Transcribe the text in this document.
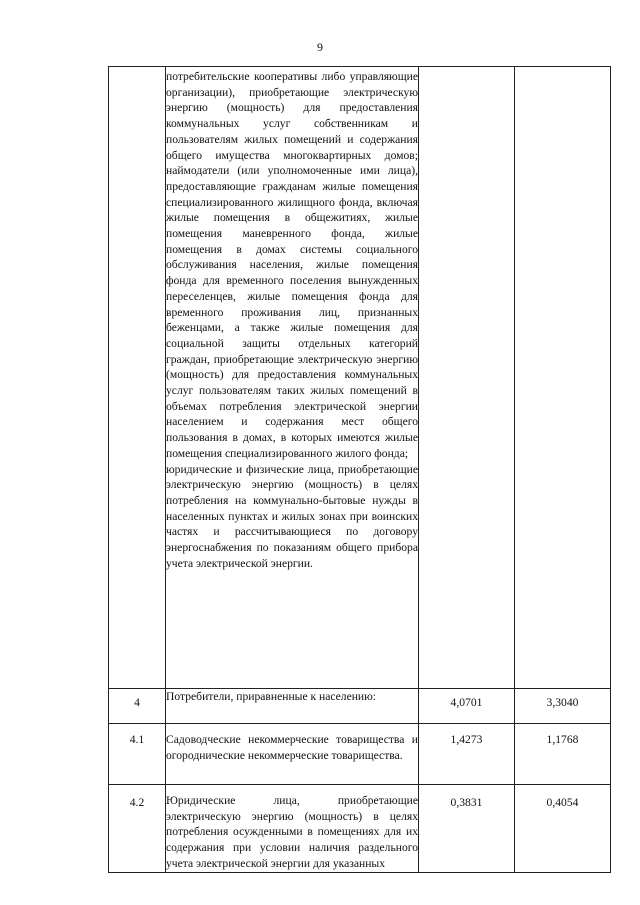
9

	потребительские кооперативы либо управляющие организации), приобретающие электрическую энергию (мощность) для предоставления коммунальных услуг собственникам и пользователям жилых помещений и содержания общего имущества многоквартирных домов; наймодатели (или уполномоченные ими лица), предоставляющие гражданам жилые помещения специализированного жилищного фонда, включая жилые помещения в общежитиях, жилые помещения маневренного фонда, жилые помещения в домах системы социального обслуживания населения, жилые помещения фонда для временного поселения вынужденных переселенцев, жилые помещения фонда для временного проживания лиц, признанных беженцами, а также жилые помещения для социальной защиты отдельных категорий граждан, приобретающие электрическую энергию (мощность) для предоставления коммунальных услуг пользователям таких жилых помещений в объемах потребления электрической энергии населением и содержания мест общего пользования в домах, в которых имеются жилые помещения специализированного жилого фонда;

юридические и физические лица, приобретающие электрическую энергию (мощность) в целях потребления на коммунально-бытовые нужды в населенных пунктах и жилых зонах при воинских частях и рассчитывающиеся по договору энергоснабжения по показаниям общего прибора учета электрической энергии.		

4	Потребители, приравненные к населению:	4,0701	3,3040
4.1	Садоводческие некоммерческие товарищества и огороднические некоммерческие товарищества.	1,4273	1,1768
4.2	Юридические лица, приобретающие электрическую энергию (мощность) в целях потребления осужденными в помещениях для их содержания при условии наличия раздельного учета электрической энергии для указанных	0,3831	0,4054
